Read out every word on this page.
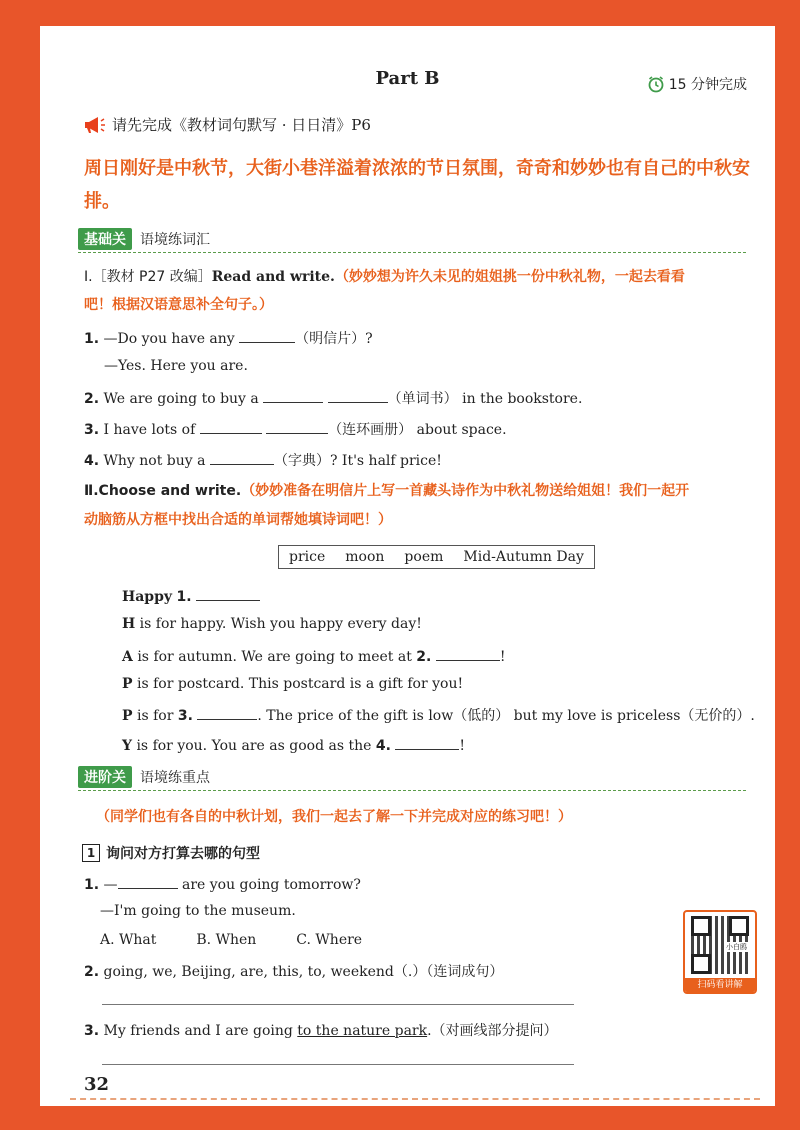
Part B	15 分钟完成
请先完成《教材词句默写 · 日日清》P6
周日刚好是中秋节，大街小巷洋溢着浓浓的节日氛围，奇奇和妙妙也有自己的中秋安排。
基础关	语境练词汇
Ⅰ.［教材 P27 改编］Read and write.（妙妙想为许久未见的姐姐挑一份中秋礼物，一起去看看
吧！根据汉语意思补全句子。）
1. —Do you have any	（明信片）?
—Yes. Here you are.
2. We are going to buy a	（单词书） in the bookstore.
3. I have lots of	（连环画册） about space.
4. Why not buy a	（字典）? It's half price!
Ⅱ.Choose and write.（妙妙准备在明信片上写一首藏头诗作为中秋礼物送给姐姐！我们一起开
动脑筋从方框中找出合适的单词帮她填诗词吧！）
price moon poem Mid-Autumn Day
Happy 1.
H is for happy. Wish you happy every day!
A is for autumn. We are going to meet at 2.	!
P is for postcard. This postcard is a gift for you!
P is for 3.	. The price of the gift is low（低的） but my love is priceless（无价的）.
Y is for you. You are as good as the 4.	!
进阶关	语境练重点
（同学们也有各自的中秋计划，我们一起去了解一下并完成对应的练习吧！）
1 询问对方打算去哪的句型
1. —	are you going tomorrow?
—I'm going to the museum.
A. What	B. When	C. Where
2. going, we, Beijing, are, this, to, weekend（.）（连词成句）
3. My friends and I are going to the nature park.（对画线部分提问）
小白鸥
扫码看讲解
32
